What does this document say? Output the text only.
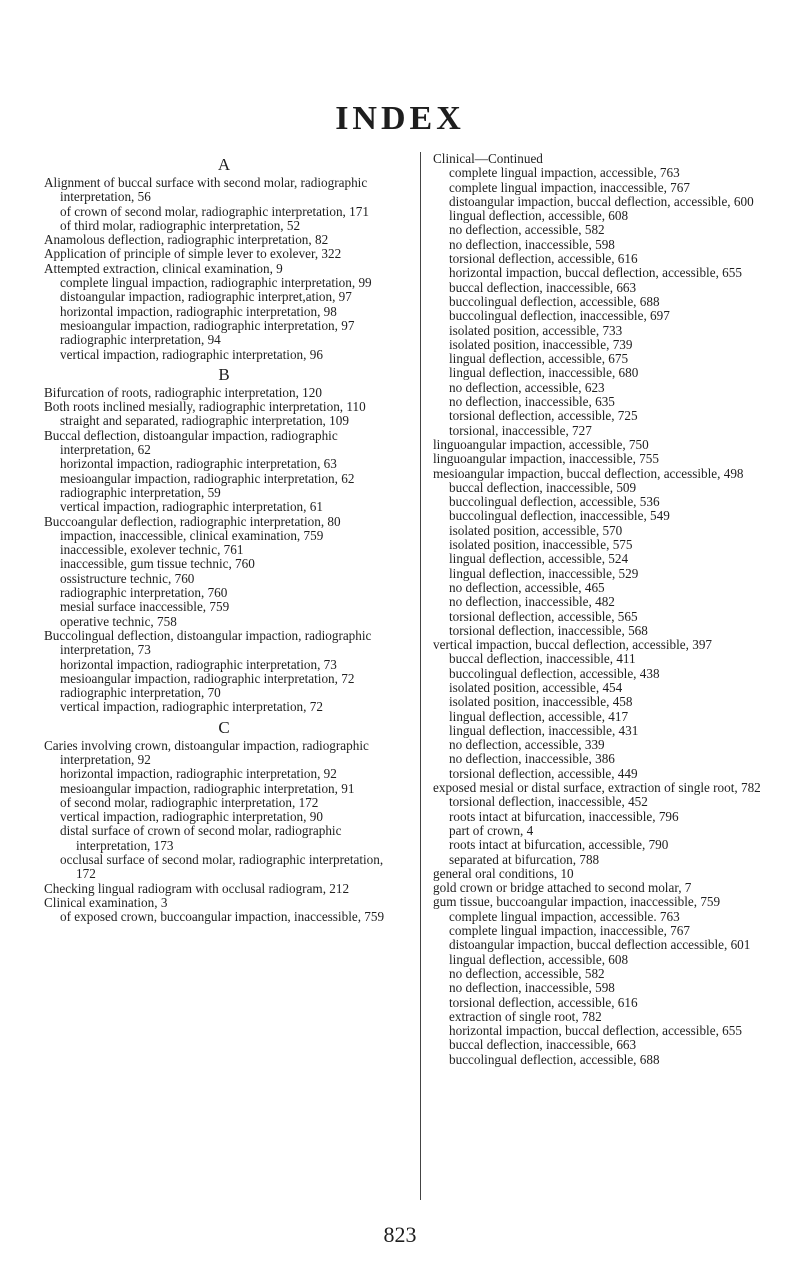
INDEX
A

Alignment of buccal surface with second molar, radiographic interpretation, 56

of crown of second molar, radiographic interpretation, 171

of third molar, radiographic interpretation, 52

Anamolous deflection, radiographic interpretation, 82

Application of principle of simple lever to exolever, 322

Attempted extraction, clinical examination, 9

complete lingual impaction, radiographic interpretation, 99

distoangular impaction, radiographic interpret,ation, 97

horizontal impaction, radiographic interpretation, 98

mesioangular impaction, radiographic interpretation, 97

radiographic interpretation, 94

vertical impaction, radiographic interpretation, 96

B

Bifurcation of roots, radiographic interpretation, 120

Both roots inclined mesially, radiographic interpretation, 110

straight and separated, radiographic interpretation, 109

Buccal deflection, distoangular impaction, radiographic interpretation, 62

horizontal impaction, radiographic interpretation, 63

mesioangular impaction, radiographic interpretation, 62

radiographic interpretation, 59

vertical impaction, radiographic interpretation, 61

Buccoangular deflection, radiographic interpretation, 80

impaction, inaccessible, clinical examination, 759

inaccessible, exolever technic, 761

inaccessible, gum tissue technic, 760

ossistructure technic, 760

radiographic interpretation, 760

mesial surface inaccessible, 759

operative technic, 758

Buccolingual deflection, distoangular impaction, radiographic interpretation, 73

horizontal impaction, radiographic interpretation, 73

mesioangular impaction, radiographic interpretation, 72

radiographic interpretation, 70

vertical impaction, radiographic interpretation, 72

C

Caries involving crown, distoangular impaction, radiographic interpretation, 92

horizontal impaction, radiographic interpretation, 92

mesioangular impaction, radiographic interpretation, 91

of second molar, radiographic interpretation, 172

vertical impaction, radiographic interpretation, 90

distal surface of crown of second molar, radiographic interpretation, 173

occlusal surface of second molar, radiographic interpretation, 172

Checking lingual radiogram with occlusal radiogram, 212

Clinical examination, 3

of exposed crown, buccoangular impaction, inaccessible, 759

Clinical—Continued

complete lingual impaction, accessible, 763

complete lingual impaction, inaccessible, 767

distoangular impaction, buccal deflection, accessible, 600

lingual deflection, accessible, 608

no deflection, accessible, 582

no deflection, inaccessible, 598

torsional deflection, accessible, 616

horizontal impaction, buccal deflection, accessible, 655

buccal deflection, inaccessible, 663

buccolingual deflection, accessible, 688

buccolingual deflection, inaccessible, 697

isolated position, accessible, 733

isolated position, inaccessible, 739

lingual deflection, accessible, 675

lingual deflection, inaccessible, 680

no deflection, accessible, 623

no deflection, inaccessible, 635

torsional deflection, accessible, 725

torsional, inaccessible, 727

linguoangular impaction, accessible, 750

linguoangular impaction, inaccessible, 755

mesioangular impaction, buccal deflection, accessible, 498

buccal deflection, inaccessible, 509

buccolingual deflection, accessible, 536

buccolingual deflection, inaccessible, 549

isolated position, accessible, 570

isolated position, inaccessible, 575

lingual deflection, accessible, 524

lingual deflection, inaccessible, 529

no deflection, accessible, 465

no deflection, inaccessible, 482

torsional deflection, accessible, 565

torsional deflection, inaccessible, 568

vertical impaction, buccal deflection, accessible, 397

buccal deflection, inaccessible, 411

buccolingual deflection, accessible, 438

isolated position, accessible, 454

isolated position, inaccessible, 458

lingual deflection, accessible, 417

lingual deflection, inaccessible, 431

no deflection, accessible, 339

no deflection, inaccessible, 386

torsional deflection, accessible, 449

exposed mesial or distal surface, extraction of single root, 782

torsional deflection, inaccessible, 452

roots intact at bifurcation, inaccessible, 796

part of crown, 4

roots intact at bifurcation, accessible, 790

separated at bifurcation, 788

general oral conditions, 10

gold crown or bridge attached to second molar, 7

gum tissue, buccoangular impaction, inaccessible, 759

complete lingual impaction, accessible. 763

complete lingual impaction, inaccessible, 767

distoangular impaction, buccal deflection accessible, 601

lingual deflection, accessible, 608

no deflection, accessible, 582

no deflection, inaccessible, 598

torsional deflection, accessible, 616

extraction of single root, 782

horizontal impaction, buccal deflection, accessible, 655

buccal deflection, inaccessible, 663

buccolingual deflection, accessible, 688

823
